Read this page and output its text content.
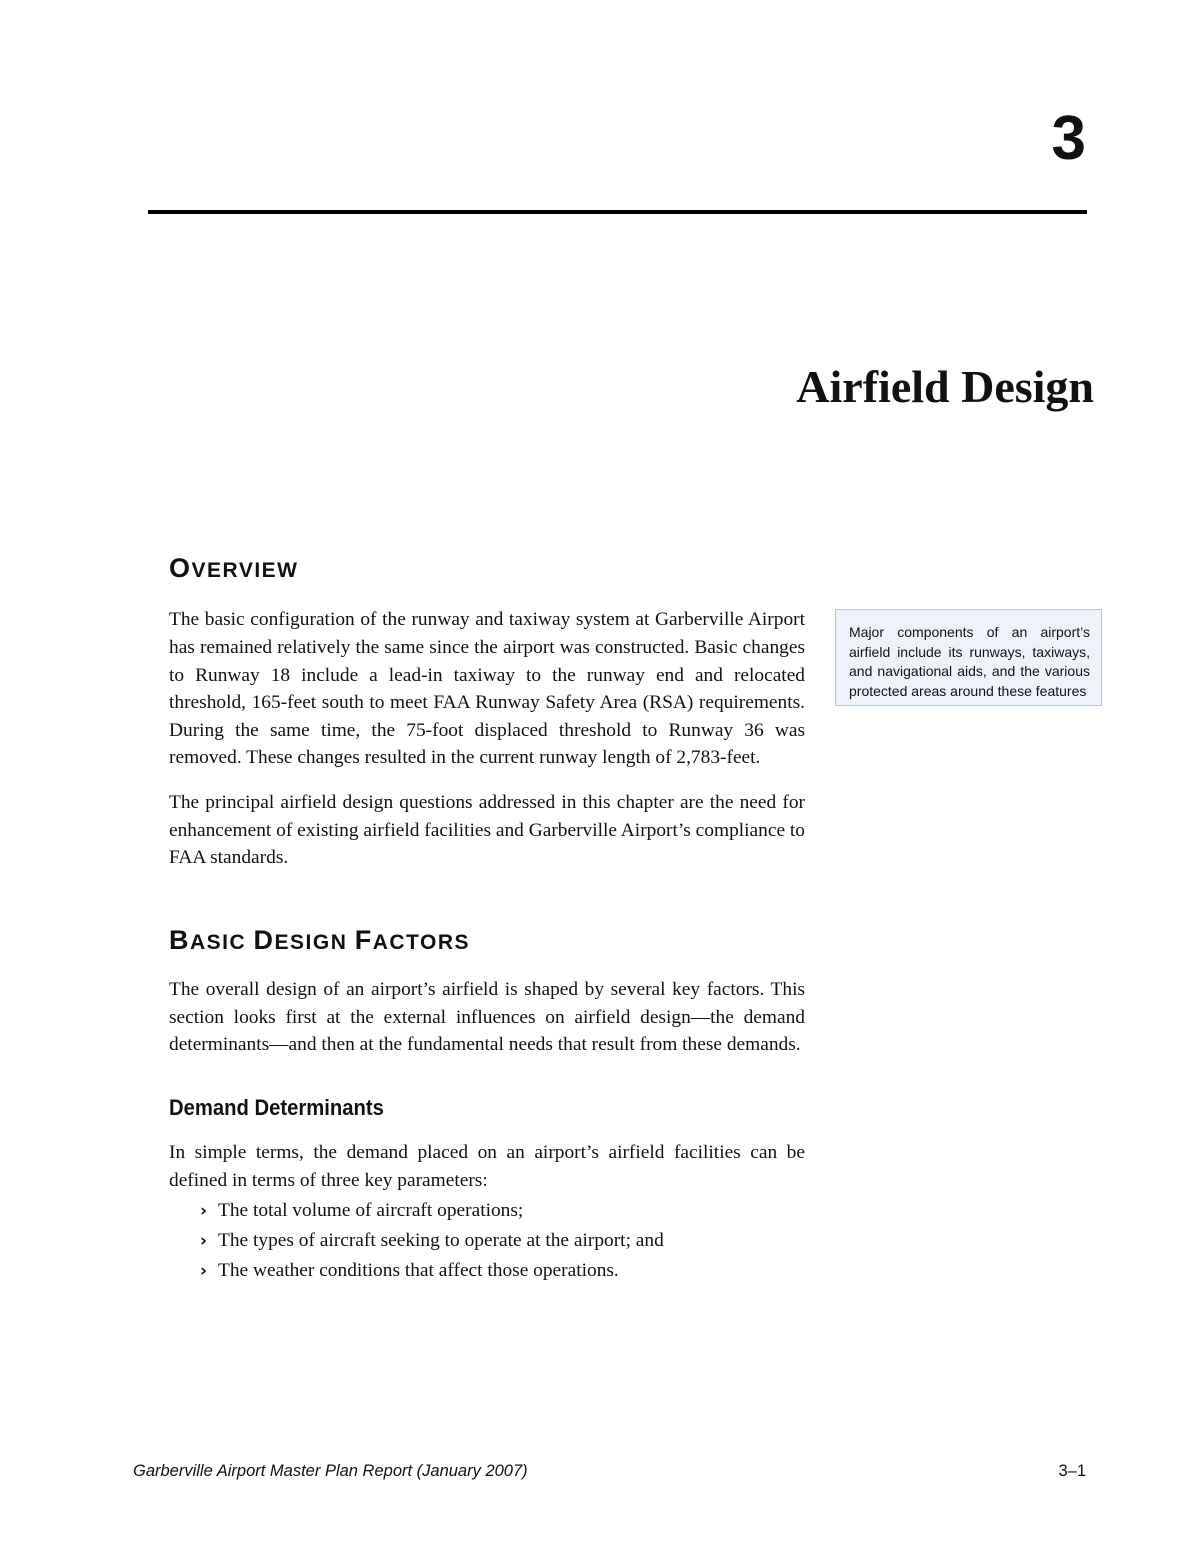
3
Airfield Design
OVERVIEW

The basic configuration of the runway and taxiway system at Garberville Airport has remained relatively the same since the airport was constructed. Basic changes to Runway 18 include a lead-in taxiway to the runway end and relocated threshold, 165-feet south to meet FAA Runway Safety Area (RSA) requirements. During the same time, the 75-foot displaced threshold to Runway 36 was removed. These changes resulted in the current runway length of 2,783-feet.

The principal airfield design questions addressed in this chapter are the need for enhancement of existing airfield facilities and Garberville Airport’s compliance to FAA standards.

BASIC DESIGN FACTORS

The overall design of an airport’s airfield is shaped by several key factors. This section looks first at the external influences on airfield design—the demand determinants—and then at the fundamental needs that result from these demands.

Demand Determinants

In simple terms, the demand placed on an airport’s airfield facilities can be defined in terms of three key parameters:

› The total volume of aircraft operations;
› The types of aircraft seeking to operate at the airport; and
› The weather conditions that affect those operations.
Major components of an airport’s airfield include its runways, taxiways, and navigational aids, and the various protected areas around these features
Garberville Airport Master Plan Report (January 2007)	3–1
